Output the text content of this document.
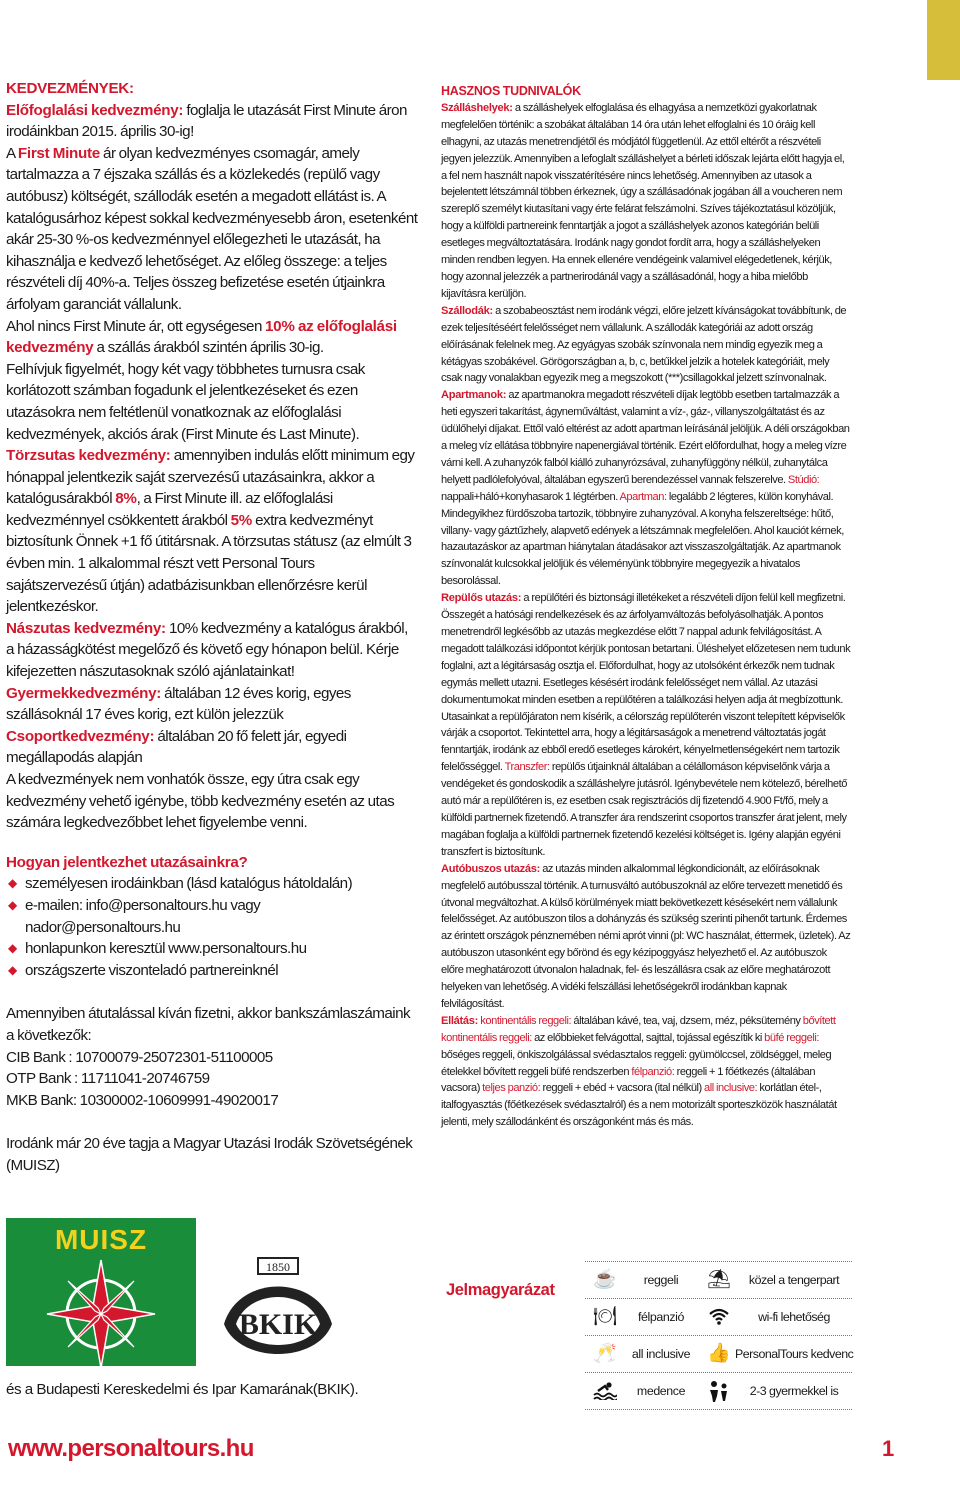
KEDVEZMÉNYEK:

Előfoglalási kedvezmény: foglalja le utazását First Minute áron irodáinkban 2015. április 30-ig!

A First Minute ár olyan kedvezményes csomagár, amely tartalmazza a 7 éjszaka szállás és a közlekedés (repülő vagy autóbusz) költségét, szállodák esetén a megadott ellátást is. A katalógusárhoz képest sokkal kedvezményesebb áron, esetenként akár 25-30 %-os kedvezménnyel előlegezheti le utazását, ha kihasználja e kedvező lehetőséget. Az előleg összege: a teljes részvételi díj 40%-a. Teljes összeg befizetése esetén útjainkra árfolyam garanciát vállalunk.

Ahol nincs First Minute ár, ott egységesen 10% az előfoglalási kedvezmény a szállás árakból szintén április 30-ig.

Felhívjuk figyelmét, hogy két vagy többhetes turnusra csak korlátozott számban fogadunk el jelentkezéseket és ezen utazásokra nem feltétlenül vonatkoznak az előfoglalási kedvezmények, akciós árak (First Minute és Last Minute).

Törzsutas kedvezmény: amennyiben indulás előtt minimum egy hónappal jelentkezik saját szervezésű utazásainkra, akkor a katalógusárakból 8%, a First Minute ill. az előfoglalási kedvezménnyel csökkentett árakból 5% extra kedvezményt biztosítunk Önnek +1 fő útitársnak. A törzsutas státusz (az elmúlt 3 évben min. 1 alkalommal részt vett Personal Tours sajátszervezésű útján) adatbázisunkban ellenőrzésre kerül jelentkezéskor.

Nászutas kedvezmény: 10% kedvezmény a katalógus árakból, a házasságkötést megelőző és követő egy hónapon belül. Kérje kifejezetten nászutasoknak szóló ajánlatainkat!

Gyermekkedvezmény: általában 12 éves korig, egyes szállásoknál 17 éves korig, ezt külön jelezzük

Csoportkedvezmény: általában 20 fő felett jár, egyedi megállapodás alapján

A kedvezmények nem vonhatók össze, egy útra csak egy kedvezmény vehető igénybe, több kedvezmény esetén az utas számára legkedvezőbbet lehet figyelembe venni.

Hogyan jelentkezhet utazásainkra?

◆ személyesen irodáinkban (lásd katalógus hátoldalán)
◆ e-mailen: info@personaltours.hu vagy nador@personaltours.hu
◆ honlapunkon keresztül www.personaltours.hu
◆ országszerte viszonteladó partnereinknél

Amennyiben átutalással kíván fizetni, akkor bankszámlaszámaink a következők:

CIB Bank : 10700079-25072301-51100005

OTP Bank : 11711041-20746759

MKB Bank: 10300002-10609991-49020017

Irodánk már 20 éve tagja a Magyar Utazási Irodák Szövetségének (MUISZ)

MUISZ
1850
BKIK
és a Budapesti Kereskedelmi és Ipar Kamarának(BKIK).

HASZNOS TUDNIVALÓK

Szálláshelyek: a szálláshelyek elfoglalása és elhagyása a nemzetközi gyakorlatnak megfelelően történik: a szobákat általában 14 óra után lehet elfoglalni és 10 óráig kell elhagyni, az utazás menetrendjétől és módjától függetlenül. Az ettől eltérőt a részvételi jegyen jelezzük. Amennyiben a lefoglalt szálláshelyet a bérleti időszak lejárta előtt hagyja el, a fel nem használt napok visszatérítésére nincs lehetőség. Amennyiben az utasok a bejelentett létszámnál többen érkeznek, úgy a szállásadónak jogában áll a voucheren nem szereplő személyt kiutasítani vagy érte felárat felszámolni. Szíves tájékoztatásul közöljük, hogy a külföldi partnereink fenntartják a jogot a szálláshelyek azonos kategórián belüli esetleges megváltoztatására. Irodánk nagy gondot fordít arra, hogy a szálláshelyeken minden rendben legyen. Ha ennek ellenére vendégeink valamivel elégedetlenek, kérjük, hogy azonnal jelezzék a partnerirodánál vagy a szállásadónál, hogy a hiba mielőbb kijavításra kerüljön.

Szállodák: a szobabeosztást nem irodánk végzi, előre jelzett kívánságokat továbbítunk, de ezek teljesítéséért felelősséget nem vállalunk. A szállodák kategóriái az adott ország előírásának felelnek meg. Az egyágyas szobák színvonala nem mindig egyezik meg a kétágyas szobákével. Görögországban a, b, c, betűkkel jelzik a hotelek kategóriáit, mely csak nagy vonalakban egyezik meg a megszokott (***)csillagokkal jelzett színvonalnak.

Apartmanok: az apartmanokra megadott részvételi díjak legtöbb esetben tartalmazzák a heti egyszeri takarítást, ágyneműváltást, valamint a víz-, gáz-, villanyszolgáltatást és az üdülőhelyi díjakat. Ettől való eltérést az adott apartman leírásánál jelöljük. A déli országokban a meleg víz ellátása többnyire napenergiával történik. Ezért előfordulhat, hogy a meleg vízre várni kell. A zuhanyzók falból kiálló zuhanyrózsával, zuhanyfüggöny nélkül, zuhanytálca helyett padlólefolyóval, általában egyszerű berendezéssel vannak felszerelve. Stúdió: nappali+háló+konyhasarok 1 légtérben. Apartman: legalább 2 légteres, külön konyhával. Mindegyikhez fürdőszoba tartozik, többnyire zuhanyzóval. A konyha felszereltsége: hűtő, villany- vagy gáztűzhely, alapvető edények a létszámnak megfelelően. Ahol kauciót kérnek, hazautazáskor az apartman hiánytalan átadásakor azt visszaszolgáltatják. Az apartmanok színvonalát kulcsokkal jelöljük és véleményünk többnyire megegyezik a hivatalos besorolással.

Repülős utazás: a repülőtéri és biztonsági illetékeket a részvételi díjon felül kell megfizetni. Összegét a hatósági rendelkezések és az árfolyamváltozás befolyásolhatják. A pontos menetrendről legkésőbb az utazás megkezdése előtt 7 nappal adunk felvilágosítást. A megadott találkozási időpontot kérjük pontosan betartani. Üléshelyet előzetesen nem tudunk foglalni, azt a légitársaság osztja el. Előfordulhat, hogy az utolsóként érkezők nem tudnak egymás mellett utazni. Esetleges késésért irodánk felelősséget nem vállal. Az utazási dokumentumokat minden esetben a repülőtéren a találkozási helyen adja át megbízottunk. Utasainkat a repülőjáraton nem kísérik, a célország repülőterén viszont telepített képviselők várják a csoportot. Tekintettel arra, hogy a légitársaságok a menetrend változtatás jogát fenntartják, irodánk az ebből eredő esetleges károkért, kényelmetlenségekért nem tartozik felelősséggel. Transzfer: repülős útjainknál általában a célállomáson képviselőnk várja a vendégeket és gondoskodik a szálláshelyre jutásról. Igénybevétele nem kötelező, bérelhető autó már a repülőtéren is, ez esetben csak regisztrációs díj fizetendő 4.900 Ft/fő, mely a külföldi partnernek fizetendő. A transzfer ára rendszerint csoportos transzfer árat jelent, mely magában foglalja a külföldi partnernek fizetendő kezelési költséget is. Igény alapján egyéni transzfert is biztosítunk.

Autóbuszos utazás: az utazás minden alkalommal légkondicionált, az előírásoknak megfelelő autóbusszal történik. A turnusváltó autóbuszoknál az előre tervezett menetidő és útvonal megváltozhat. A külső körülmények miatt bekövetkezett késésekért nem vállalunk felelősséget. Az autóbuszon tilos a dohányzás és szükség szerinti pihenőt tartunk. Érdemes az érintett országok pénznemében némi aprót vinni (pl: WC használat, éttermek, üzletek). Az autóbuszon utasonként egy bőrönd és egy kézipoggyász helyezhető el. Az autóbuszok előre meghatározott útvonalon haladnak, fel- és leszállásra csak az előre meghatározott helyeken van lehetőség. A vidéki felszállási lehetőségekről irodánkban kapnak felvilágosítást.

Ellátás: kontinentális reggeli: általában kávé, tea, vaj, dzsem, méz, péksütemény bővített kontinentális reggeli: az előbbieket felvágottal, sajttal, tojással egészítik ki büfé reggeli: bőséges reggeli, önkiszolgálással svédasztalos reggeli: gyümölccsel, zöldséggel, meleg ételekkel bővített reggeli büfé rendszerben félpanzió: reggeli + 1 főétkezés (általában vacsora) teljes panzió: reggeli + ebéd + vacsora (ital nélkül) all inclusive: korlátlan étel-, italfogyasztás (főétkezések svédasztalról) és a nem motorizált sporteszközök használatát jelenti, mely szállodánként és országonként más és más.

Jelmagyarázat ☕	reggeli	⛱	közel a tengerpart
🍽	félpanzió	wi-fi lehetőség
🥂	all inclusive 👍 PersonalTours kedvenc
medence	2-3 gyermekkel is
www.personaltours.hu	1
